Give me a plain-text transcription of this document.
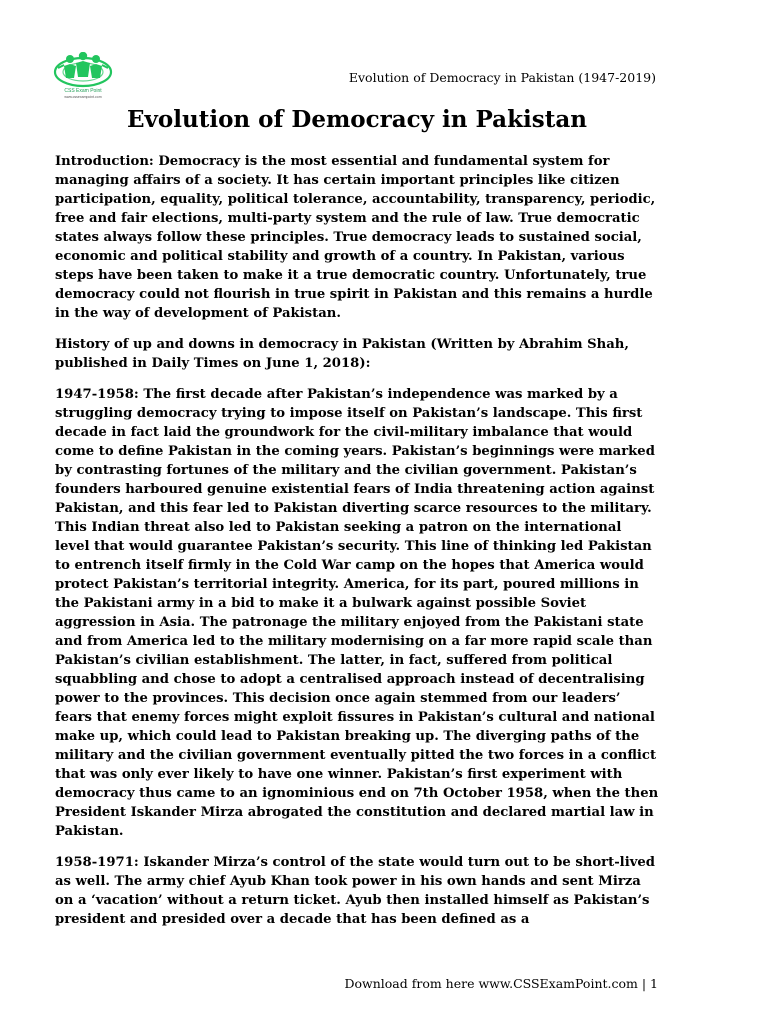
CSS Exam Point
www.cssexampoint.com
Evolution of Democracy in Pakistan (1947-2019)
Evolution of Democracy in Pakistan

Introduction: Democracy is the most essential and fundamental system for managing affairs of a society. It has certain important principles like citizen participation, equality, political tolerance, accountability, transparency, periodic, free and fair elections, multi-party system and the rule of law. True democratic states always follow these principles. True democracy leads to sustained social, economic and political stability and growth of a country. In Pakistan, various steps have been taken to make it a true democratic country. Unfortunately, true democracy could not flourish in true spirit in Pakistan and this remains a hurdle in the way of development of Pakistan.

History of up and downs in democracy in Pakistan (Written by Abrahim Shah, published in Daily Times on June 1, 2018):

1947-1958: The first decade after Pakistan’s independence was marked by a struggling democracy trying to impose itself on Pakistan’s landscape. This first decade in fact laid the groundwork for the civil-military imbalance that would come to define Pakistan in the coming years. Pakistan’s beginnings were marked by contrasting fortunes of the military and the civilian government. Pakistan’s founders harboured genuine existential fears of India threatening action against Pakistan, and this fear led to Pakistan diverting scarce resources to the military. This Indian threat also led to Pakistan seeking a patron on the international level that would guarantee Pakistan’s security. This line of thinking led Pakistan to entrench itself firmly in the Cold War camp on the hopes that America would protect Pakistan’s territorial integrity. America, for its part, poured millions in the Pakistani army in a bid to make it a bulwark against possible Soviet aggression in Asia. The patronage the military enjoyed from the Pakistani state and from America led to the military modernising on a far more rapid scale than Pakistan’s civilian establishment. The latter, in fact, suffered from political squabbling and chose to adopt a centralised approach instead of decentralising power to the provinces. This decision once again stemmed from our leaders’ fears that enemy forces might exploit fissures in Pakistan’s cultural and national make up, which could lead to Pakistan breaking up. The diverging paths of the military and the civilian government eventually pitted the two forces in a conflict that was only ever likely to have one winner. Pakistan’s first experiment with democracy thus came to an ignominious end on 7th October 1958, when the then President Iskander Mirza abrogated the constitution and declared martial law in Pakistan.

1958-1971: Iskander Mirza’s control of the state would turn out to be short-lived as well. The army chief Ayub Khan took power in his own hands and sent Mirza on a ‘vacation’ without a return ticket. Ayub then installed himself as Pakistan’s president and presided over a decade that has been defined as a

Download from here www.CSSExamPoint.com | 1
